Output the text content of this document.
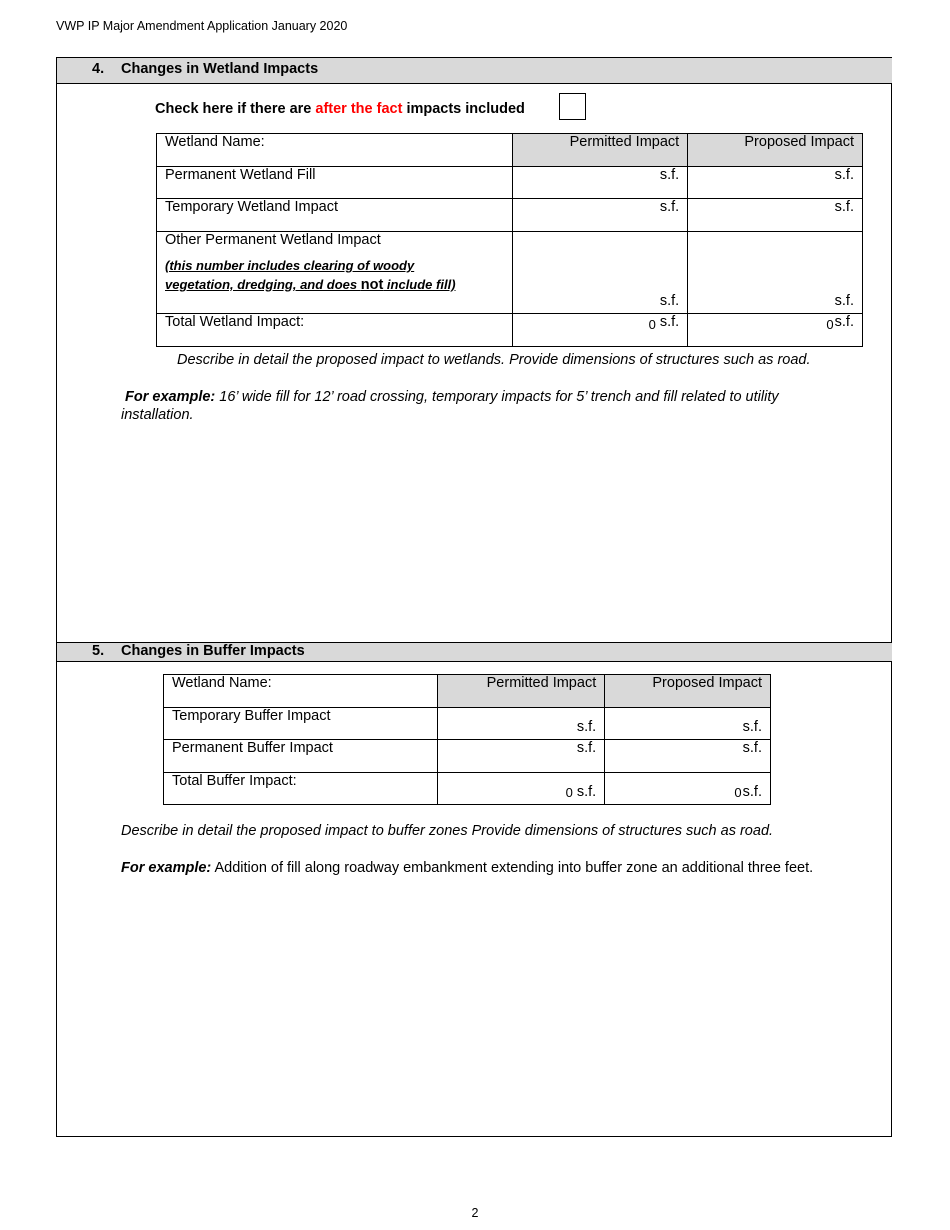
VWP IP Major Amendment Application January 2020
4. Changes in Wetland Impacts
Check here if there are after the fact impacts included
Wetland Name:	Permitted Impact	Proposed Impact
Permanent Wetland Fill	s.f.	s.f.
Temporary Wetland Impact	s.f.	s.f.

Other Permanent Wetland Impact
(this number includes clearing of woody
vegetation, dredging, and does not include fill)	s.f.	s.f.
Total Wetland Impact:	0 s.f.	0s.f.
Describe in detail the proposed impact to wetlands. Provide dimensions of structures such as road.
For example: 16’ wide fill for 12’ road crossing, temporary impacts for 5’ trench and fill related to utility installation.
5. Changes in Buffer Impacts
Wetland Name:	Permitted Impact	Proposed Impact
Temporary Buffer Impact	s.f.	s.f.
Permanent Buffer Impact	s.f.	s.f.
Total Buffer Impact:	0 s.f.	0s.f.
Describe in detail the proposed impact to buffer zones Provide dimensions of structures such as road.
For example: Addition of fill along roadway embankment extending into buffer zone an additional three feet.
2
